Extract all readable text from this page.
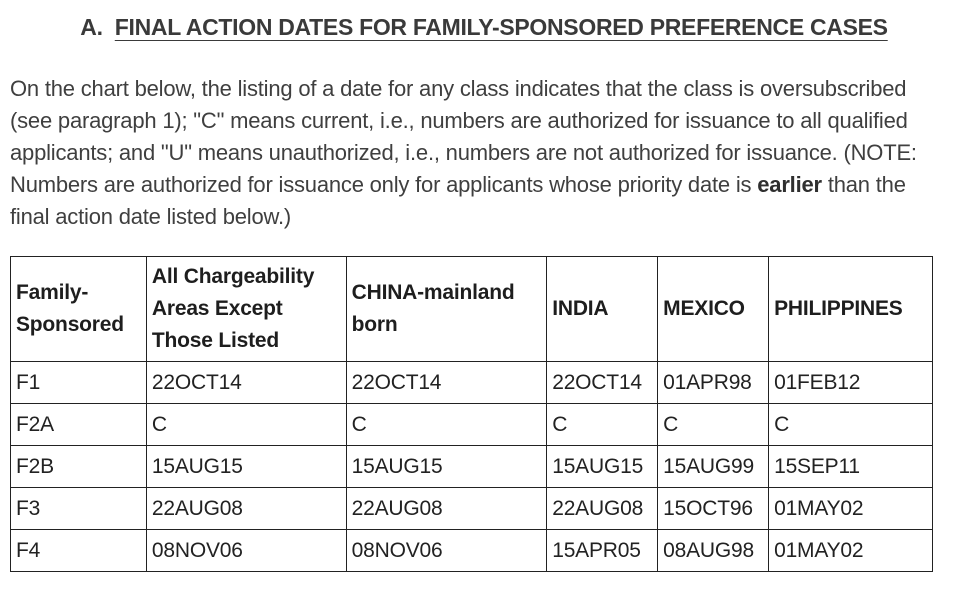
A. FINAL ACTION DATES FOR FAMILY-SPONSORED PREFERENCE CASES

On the chart below, the listing of a date for any class indicates that the class is oversubscribed (see paragraph 1); "C" means current, i.e., numbers are authorized for issuance to all qualified applicants; and "U" means unauthorized, i.e., numbers are not authorized for issuance. (NOTE: Numbers are authorized for issuance only for applicants whose priority date is earlier than the final action date listed below.)

Family-Sponsored	All Chargeability Areas Except Those Listed	CHINA-mainland born	INDIA	MEXICO	PHILIPPINES
F1	22OCT14	22OCT14	22OCT14	01APR98	01FEB12
F2A	C	C	C	C	C
F2B	15AUG15	15AUG15	15AUG15	15AUG99	15SEP11
F3	22AUG08	22AUG08	22AUG08	15OCT96	01MAY02
F4	08NOV06	08NOV06	15APR05	08AUG98	01MAY02
